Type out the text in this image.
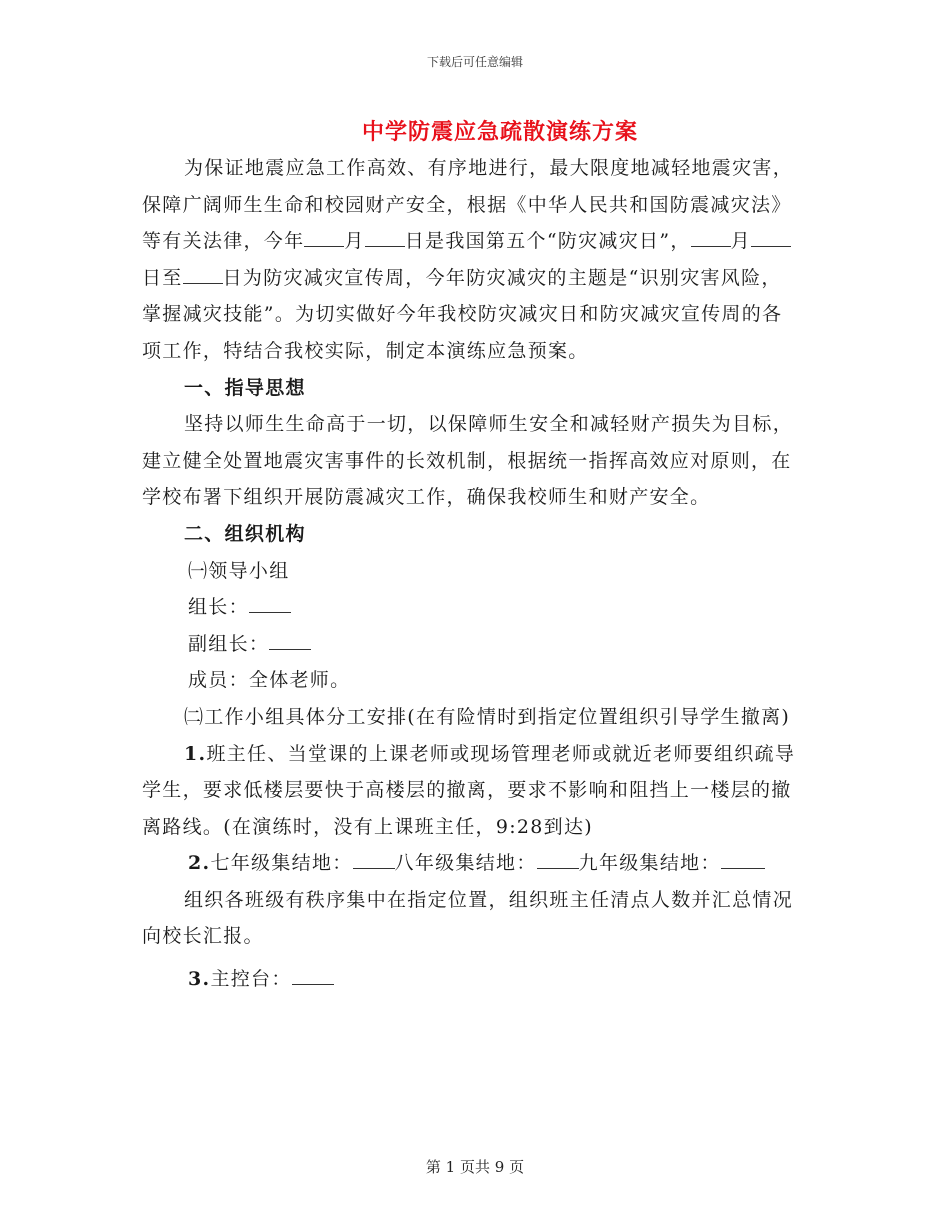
下载后可任意编辑
中学防震应急疏散演练方案

为保证地震应急工作高效、有序地进行，最大限度地减轻地震灾害，保障广阔师生生命和校园财产安全，根据《中华人民共和国防震减灾法》等有关法律，今年 月 日是我国第五个“防灾减灾日”， 月日至 日为防灾减灾宣传周，今年防灾减灾的主题是“识别灾害风险，掌握减灾技能”。为切实做好今年我校防灾减灾日和防灾减灾宣传周的各项工作，特结合我校实际，制定本演练应急预案。

一、指导思想

坚持以师生生命高于一切，以保障师生安全和减轻财产损失为目标，建立健全处置地震灾害事件的长效机制，根据统一指挥高效应对原则，在学校布署下组织开展防震减灾工作，确保我校师生和财产安全。

二、组织机构

㈠领导小组

组长：

副组长：

成员：全体老师。

㈡工作小组具体分工安排(在有险情时到指定位置组织引导学生撤离)

1.班主任、当堂课的上课老师或现场管理老师或就近老师要组织疏导学生，要求低楼层要快于高楼层的撤离，要求不影响和阻挡上一楼层的撤离路线。(在演练时，没有上课班主任，9:28到达)

2.七年级集结地： 八年级集结地： 九年级集结地：

组织各班级有秩序集中在指定位置，组织班主任清点人数并汇总情况向校长汇报。

3.主控台：

第 1 页共 9 页
